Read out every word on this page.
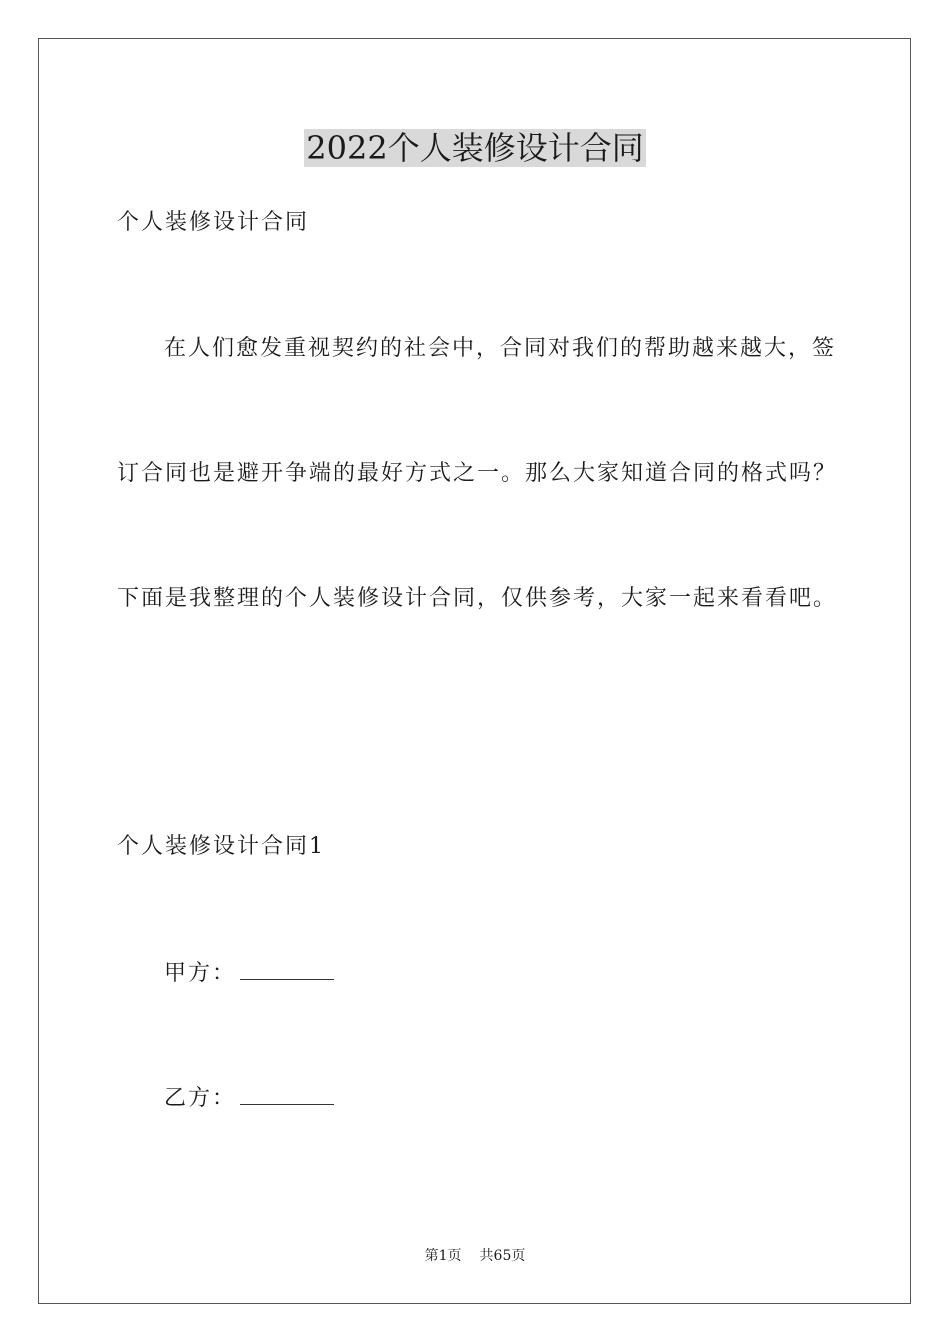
2022个人装修设计合同
个人装修设计合同
在人们愈发重视契约的社会中，合同对我们的帮助越来越大，签
订合同也是避开争端的最好方式之一。那么大家知道合同的格式吗？
下面是我整理的个人装修设计合同，仅供参考，大家一起来看看吧。
个人装修设计合同1
甲方：
乙方：
第1页 共65页
